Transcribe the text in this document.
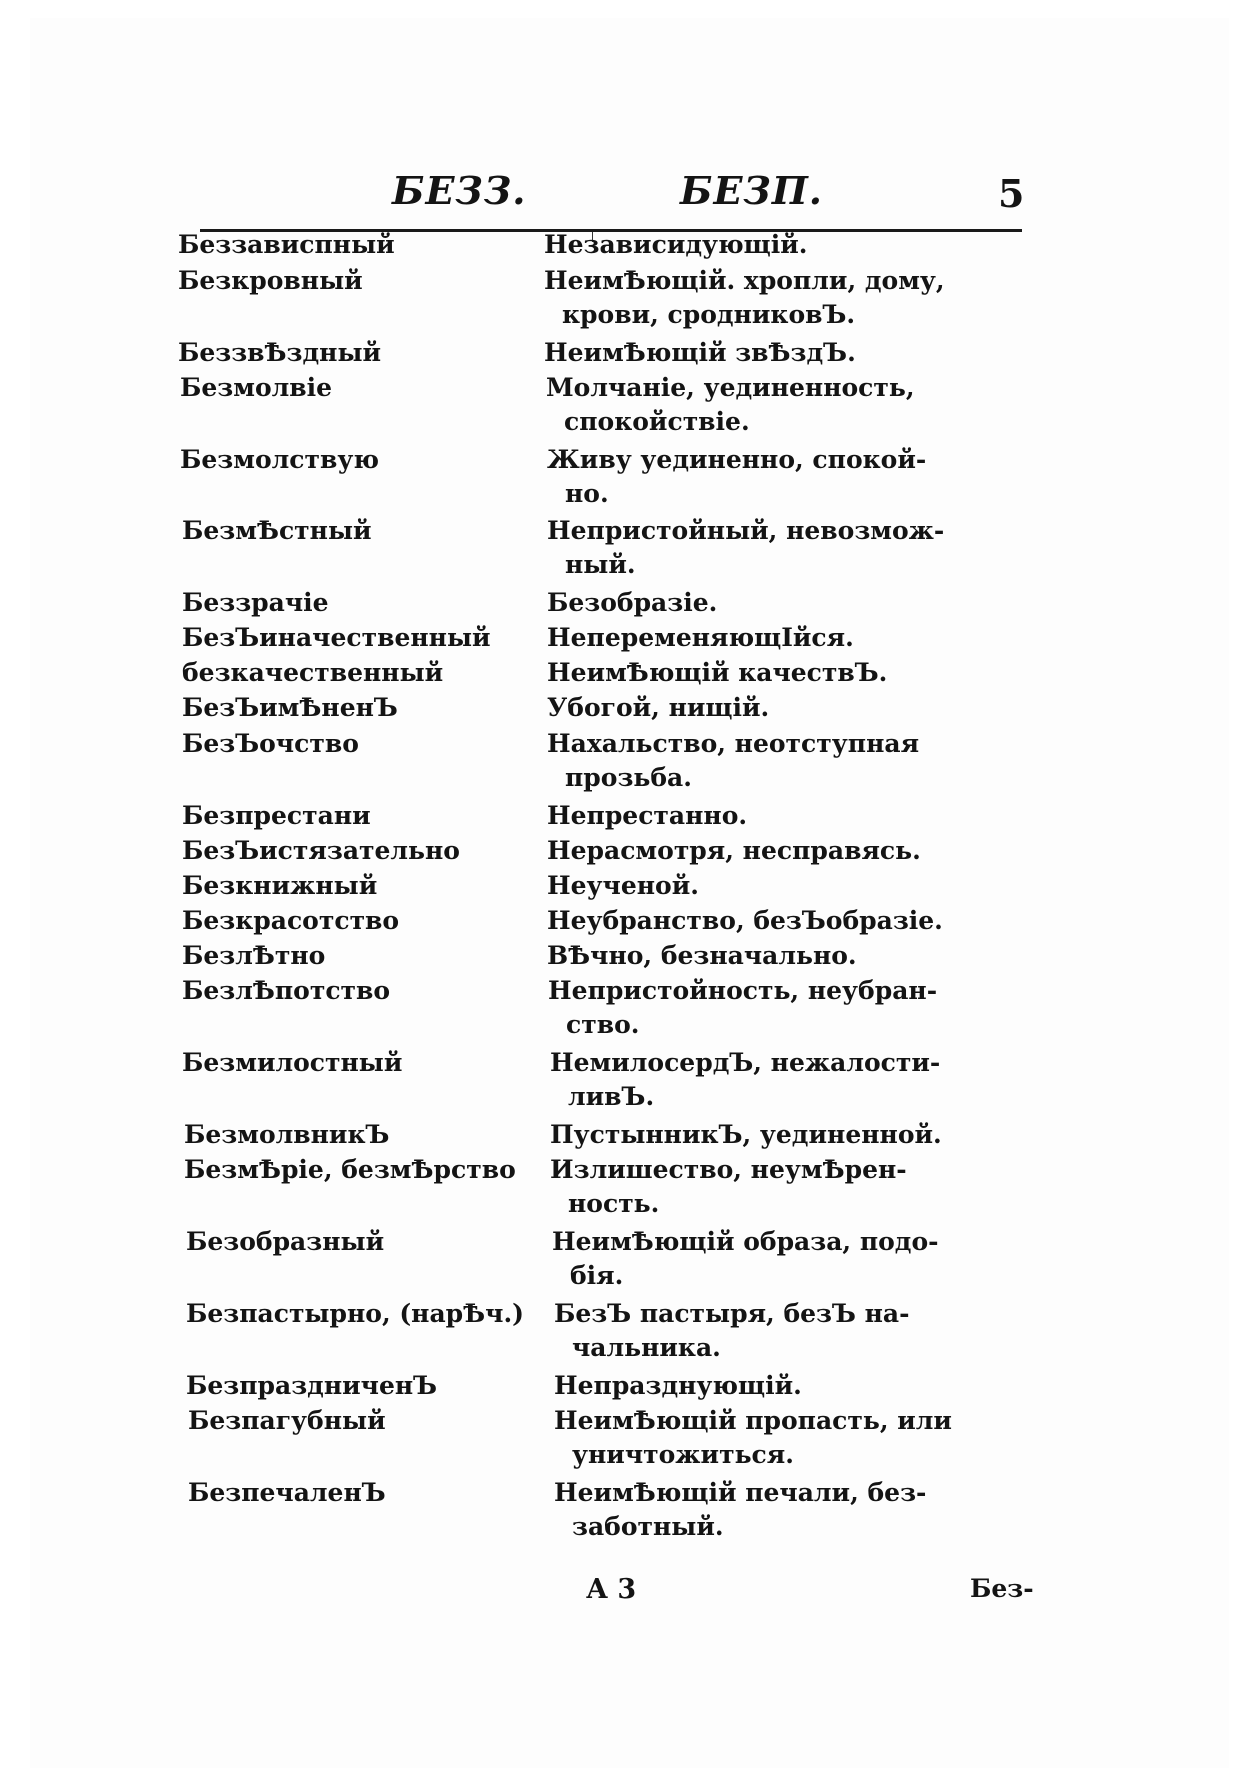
БЕЗЗ.	БЕЗП.	5
Беззависпный	Независидующій.
Безкровный	НеимѢющій. хропли, дому,
крови, сродниковЪ.
БеззвѢздный	НеимѢющій звѢздЪ.
Безмолвіе	Молчаніе, уединенность,
спокойствіе.
Безмолствую	Живу уединенно, спокой-
но.
БезмѢстный	Непристойный, невозмож-
ный.
Беззрачіе	Безобразіе.
БезЪиначественный НепеременяющІйся.
безкачественный	НеимѢющій качествЪ.
БезЪимѢненЪ	Убогой, нищій.
БезЪочство	Нахальство, неотступная
прозьба.
Безпрестани	Непрестанно.
БезЪистязательно	Нерасмотря, несправясь.
Безкнижный	Неученой.
Безкрасотство	Неубранство, безЪобразіе.
БезлѢтно	ВѢчно, безначально.
БезлѢпотство	Непристойность, неубран-
ство.
Безмилостный	НемилосердЪ, нежалости-
ливЪ.
БезмолвникЪ	ПустынникЪ, уединенной.
БезмѢріе, безмѢрство Излишество, неумѢрен-
ность.
Безобразный	НеимѢющій образа, подо-
бія.
Безпастырно, (нарѢч.) БезЪ пастыря, безЪ на-
чальника.
БезпраздниченЪ	Непразднующій.
Безпагубный	НеимѢющій пропасть, или
уничтожиться.
БезпечаленЪ	НеимѢющій печали, без-
заботный.
А 3	Без-
